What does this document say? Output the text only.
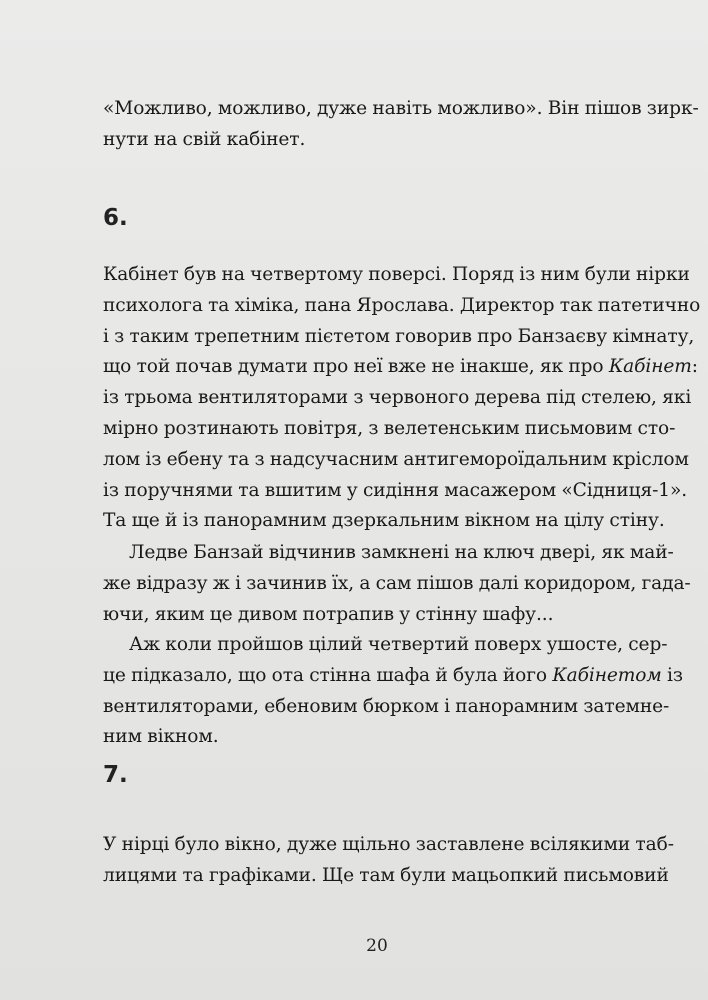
«Можливо, можливо, дуже навіть можливо». Він пішов зирк-
нути на свій кабінет.
6.
Кабінет був на четвертому поверсі. Поряд із ним були нірки
психолога та хіміка, пана Ярослава. Директор так патетично
і з таким трепетним пієтетом говорив про Банзаєву кімнату,
що той почав думати про неї вже не інакше, як про Кабінет:
із трьома вентиляторами з червоного дерева під стелею, які
мірно розтинають повітря, з велетенським письмовим сто-
лом із ебену та з надсучасним антигемороїдальним кріслом
із поручнями та вшитим у сидіння масажером «Сідниця-1».
Та ще й із панорамним дзеркальним вікном на цілу стіну.
Ледве Банзай відчинив замкнені на ключ двері, як май-
же відразу ж і зачинив їх, а сам пішов далі коридором, гада-
ючи, яким це дивом потрапив у стінну шафу...
Аж коли пройшов цілий четвертий поверх ушосте, сер-
це підказало, що ота стінна шафа й була його Кабінетом із
вентиляторами, ебеновим бюрком і панорамним затемне-
ним вікном.
7.
У нірці було вікно, дуже щільно заставлене всілякими таб-
лицями та графіками. Ще там були мацьопкий письмовий
20
